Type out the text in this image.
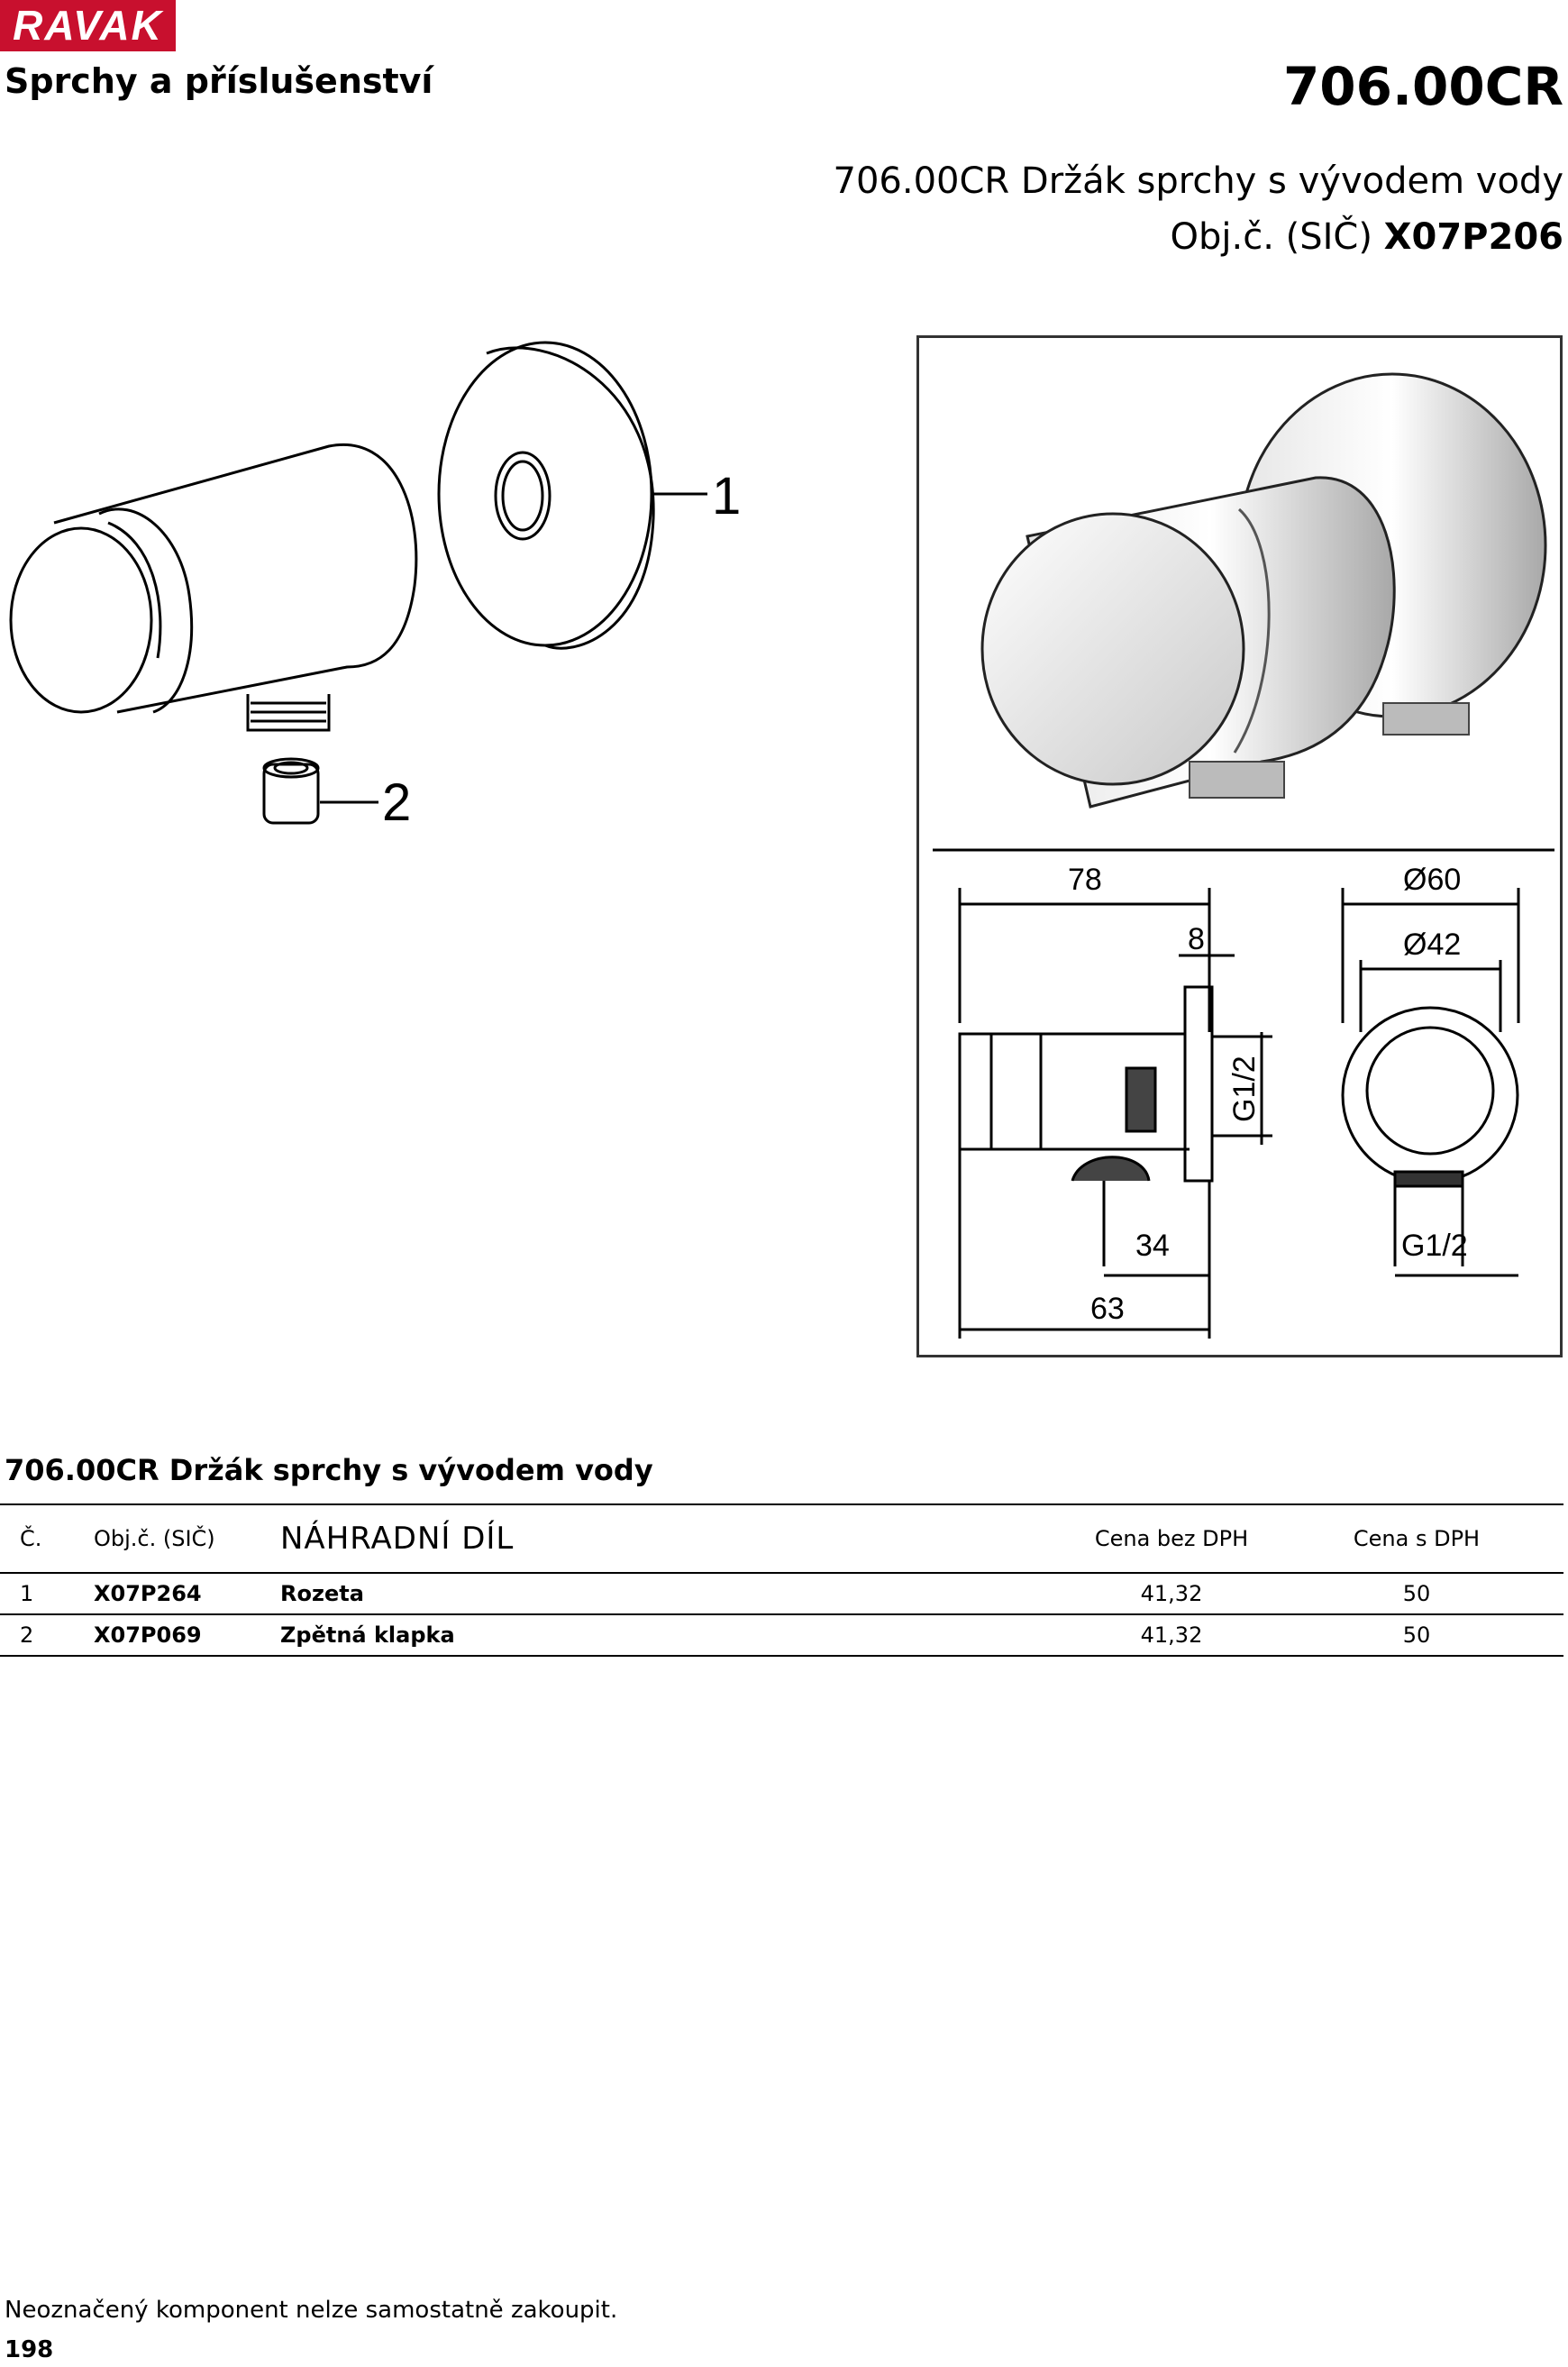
RAVAK
Sprchy a příslušenství	706.00CR
706.00CR Držák sprchy s vývodem vody
Obj.č. (SIČ) X07P206
1
2
78
8
G1/2
34
63
Ø60
Ø42
G1/2
706.00CR Držák sprchy s vývodem vody
Č.	Obj.č. (SIČ)	NÁHRADNÍ DÍL	Cena bez DPH	Cena s DPH
1	X07P264	Rozeta	41,32	50
2	X07P069	Zpětná klapka	41,32	50
Neoznačený komponent nelze samostatně zakoupit.
198
